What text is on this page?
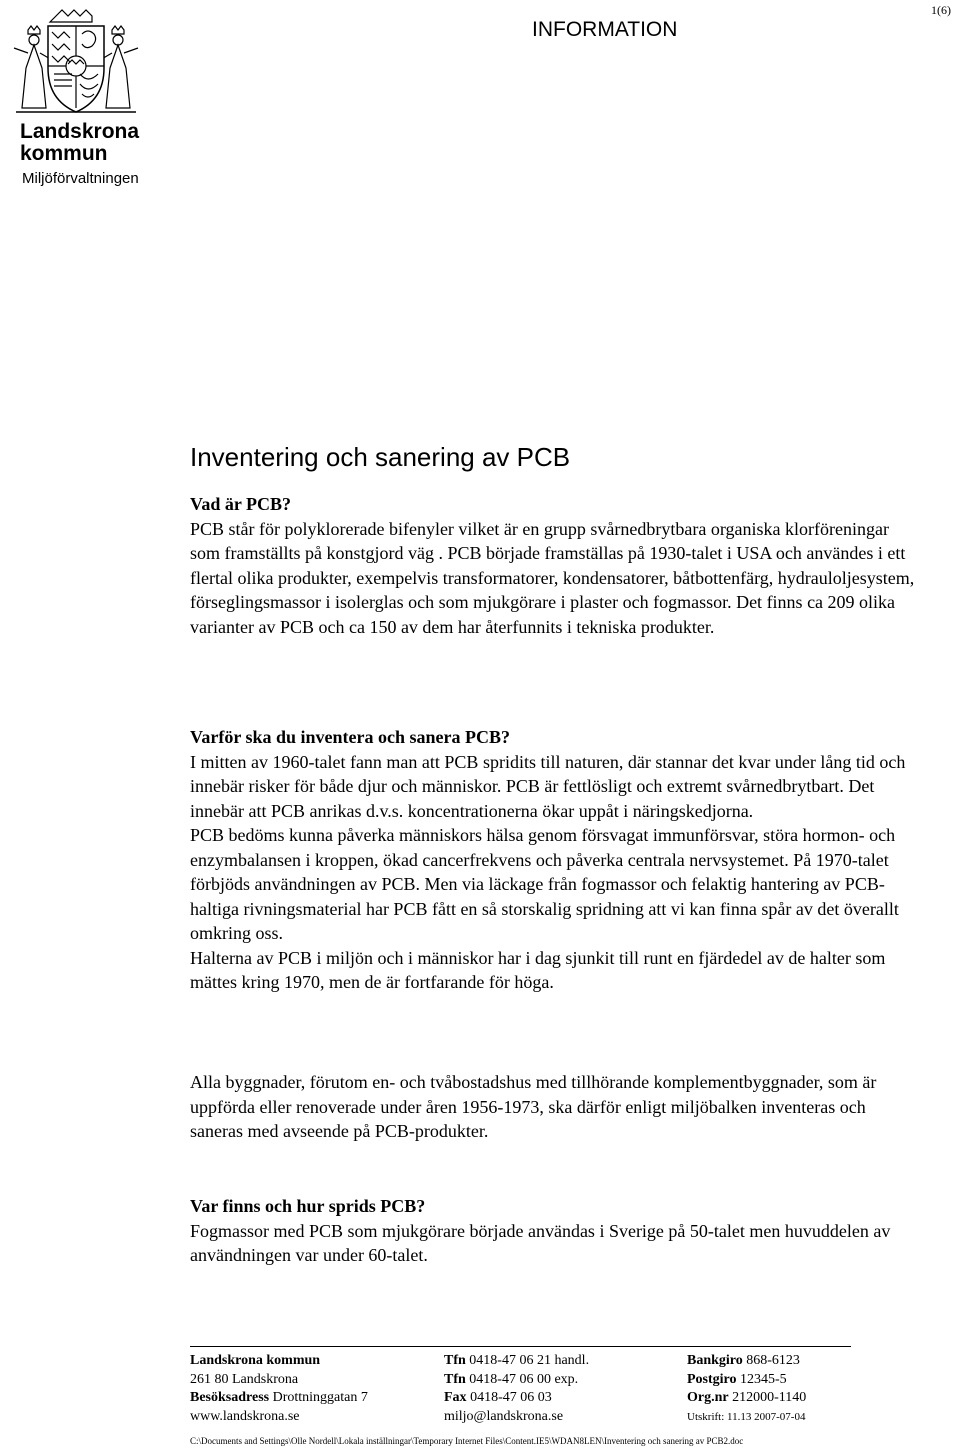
Landskrona
kommun
Miljöförvaltningen
INFORMATION
1(6)
Inventering och sanering av PCB

Vad är PCB?

PCB står för polyklorerade bifenyler vilket är en grupp svårnedbrytbara organiska klorföreningar som framställts på konstgjord väg . PCB började framställas på 1930-talet i USA och användes i ett flertal olika produkter, exempelvis transformatorer, kondensatorer, båtbottenfärg, hydrauloljesystem, förseglingsmassor i isolerglas och som mjukgörare i plaster och fogmassor. Det finns ca 209 olika varianter av PCB och ca 150 av dem har återfunnits i tekniska produkter.

Varför ska du inventera och sanera PCB?

I mitten av 1960-talet fann man att PCB spridits till naturen, där stannar det kvar under lång tid och innebär risker för både djur och människor. PCB är fettlösligt och extremt svårnedbrytbart. Det innebär att PCB anrikas d.v.s. koncentrationerna ökar uppåt i näringskedjorna.

PCB bedöms kunna påverka människors hälsa genom försvagat immunförsvar, störa hormon- och enzymbalansen i kroppen, ökad cancerfrekvens och påverka centrala nervsystemet. På 1970-talet förbjöds användningen av PCB. Men via läckage från fogmassor och felaktig hantering av PCB-haltiga rivningsmaterial har PCB fått en så storskalig spridning att vi kan finna spår av det överallt omkring oss.

Halterna av PCB i miljön och i människor har i dag sjunkit till runt en fjärdedel av de halter som mättes kring 1970, men de är fortfarande för höga.

Alla byggnader, förutom en- och tvåbostadshus med tillhörande komplementbyggnader, som är uppförda eller renoverade under åren 1956-1973, ska därför enligt miljöbalken inventeras och saneras med avseende på PCB-produkter.

Var finns och hur sprids PCB?

Fogmassor med PCB som mjukgörare började användas i Sverige på 50-talet men huvuddelen av användningen var under 60-talet.

Landskrona kommun
261 80 Landskrona
Besöksadress Drottninggatan 7
www.landskrona.se
Tfn 0418-47 06 21 handl.
Tfn 0418-47 06 00 exp.
Fax 0418-47 06 03
miljo@landskrona.se
Bankgiro 868-6123
Postgiro 12345-5
Org.nr 212000-1140
Utskrift: 11.13 2007-07-04
C:\Documents and Settings\Olle Nordell\Lokala inställningar\Temporary Internet Files\Content.IE5\WDAN8LEN\Inventering och sanering av PCB2.doc
